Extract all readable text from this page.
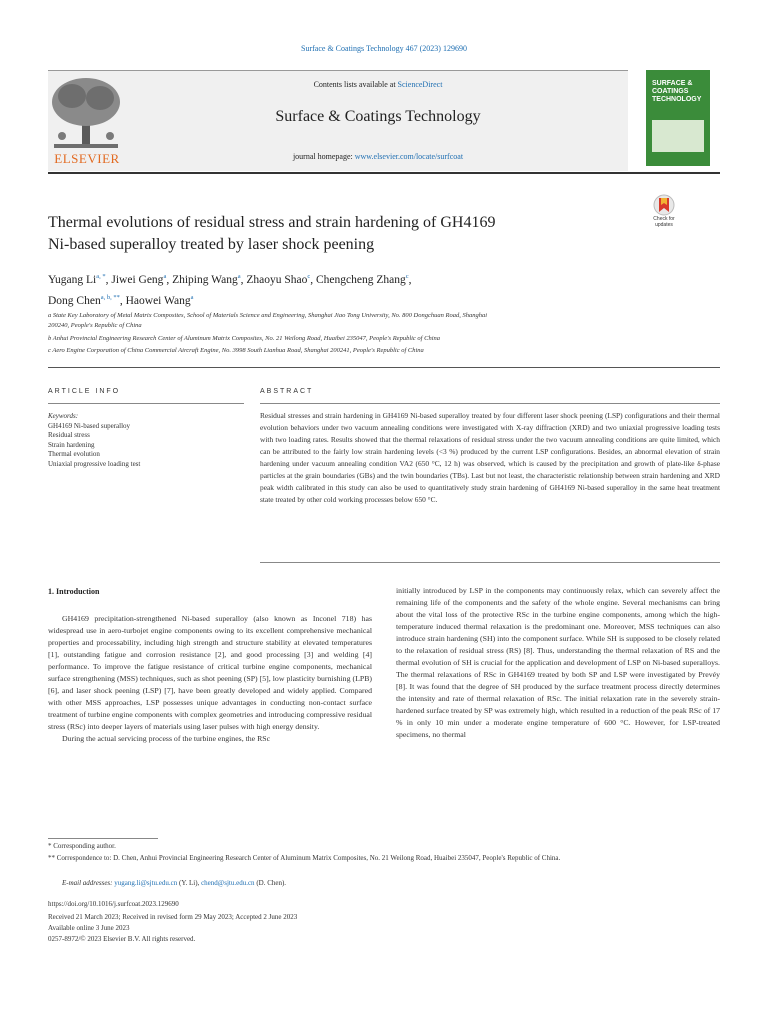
Surface & Coatings Technology 467 (2023) 129690
ELSEVIER
Contents lists available at ScienceDirect
Surface & Coatings Technology
journal homepage: www.elsevier.com/locate/surfcoat
SURFACE & COATINGS TECHNOLOGY
Check for updates
Thermal evolutions of residual stress and strain hardening of GH4169
Ni-based superalloy treated by laser shock peening
Yugang $Li^{a, *}$, Jiwei Geng$^a$, Zhiping Wang$^a$, Zhaoyu Shao$^c$, Chengcheng Zhang$^c$,
Dong Chen$^{a, b, **}$, Haowei Wang$^a$
a State Key Laboratory of Metal Matrix Composites, School of Materials Science and Engineering, Shanghai Jiao Tong University, No. 800 Dongchuan Road, Shanghai
200240, People's Republic of China
b Anhui Provincial Engineering Research Center of Aluminum Matrix Composites, No. 21 Weilong Road, Huaibei 235047, People's Republic of China
c Aero Engine Corporation of China Commercial Aircraft Engine, No. 3998 South Lianhua Road, Shanghai 200241, People's Republic of China
ARTICLE INFO	ABSTRACT
Keywords:
GH4169 Ni-based superalloy
Residual stress
Strain hardening
Thermal evolution
Uniaxial progressive loading test
Residual stresses and strain hardening in GH4169 Ni-based superalloy treated by four different laser shock peening (LSP) configurations and their thermal evolution behaviors under two vacuum annealing conditions were investigated with X-ray diffraction (XRD) and two uniaxial progressive loading tests with two loading rates. Results showed that the thermal relaxations of residual stress under the two vacuum annealing conditions are quite limited, which can be attributed to the fairly low strain hardening levels (<3 %) produced by the current LSP configurations. Besides, an abnormal elevation of strain hardening under vacuum annealing condition VA2 (650 °C, 12 h) was observed, which is caused by the precipitation and growth of plate-like δ-phase particles at the grain boundaries (GBs) and the twin boundaries (TBs). Last but not least, the characteristic relationship between strain hardening and XRD peak width calibrated in this study can also be used to quantitatively study strain hardening of GH4169 Ni-based superalloy in the same heat treatment state treated by other cold working processes below 650 °C.
1. Introduction

GH4169 precipitation-strengthened Ni-based superalloy (also known as Inconel 718) has widespread use in aero-turbojet engine components owing to its excellent comprehensive mechanical properties and processability, including high strength and structure stability at elevated temperatures [1], outstanding fatigue and corrosion resistance [2], and good processing [3] and welding [4] performance. To improve the fatigue resistance of critical turbine engine components, mechanical surface strengthening (MSS) techniques, such as shot peening (SP) [5], low plasticity burnishing (LPB) [6], and laser shock peening (LSP) [7], have been greatly developed and widely applied. Compared with other MSS approaches, LSP possesses unique advantages in conducting non-contact surface treatment of turbine engine components with complex geometries and introducing compressive residual stress (RSc) into deeper layers of materials using laser pulses with high energy density.

During the actual servicing process of the turbine engines, the RSc

initially introduced by LSP in the components may continuously relax, which can severely affect the remaining life of the components and the safety of the whole engine. Several mechanisms can bring about the vital loss of the protective RSc in the turbine engine components, among which the high-temperature induced thermal relaxation is the predominant one. Moreover, MSS techniques can also introduce strain hardening (SH) into the component surface. While SH is supposed to be closely related to the relaxation of residual stress (RS) [8]. Thus, understanding the thermal relaxation of RS and the thermal evolution of SH is crucial for the application and development of LSP on Ni-based superalloys. The thermal relaxations of RSc in GH4169 treated by both SP and LSP were investigated by Prevéy [8]. It was found that the degree of SH produced by the surface treatment process directly determines the intensity and rate of thermal relaxation of RSc. The initial relaxation rate in the severely strain-hardened surface treated by SP was extremely high, which resulted in a reduction of the peak RSc of 17 % in only 10 min under a moderate engine temperature of 600 °C. However, for LSP-treated specimens, no thermal

* Corresponding author.
** Correspondence to: D. Chen, Anhui Provincial Engineering Research Center of Aluminum Matrix Composites, No. 21 Weilong Road, Huaibei 235047, People's Republic of China.
E-mail addresses: yugang.li@sjtu.edu.cn (Y. Li), chend@sjtu.edu.cn (D. Chen).
https://doi.org/10.1016/j.surfcoat.2023.129690
Received 21 March 2023; Received in revised form 29 May 2023; Accepted 2 June 2023
Available online 3 June 2023
0257-8972/© 2023 Elsevier B.V. All rights reserved.
